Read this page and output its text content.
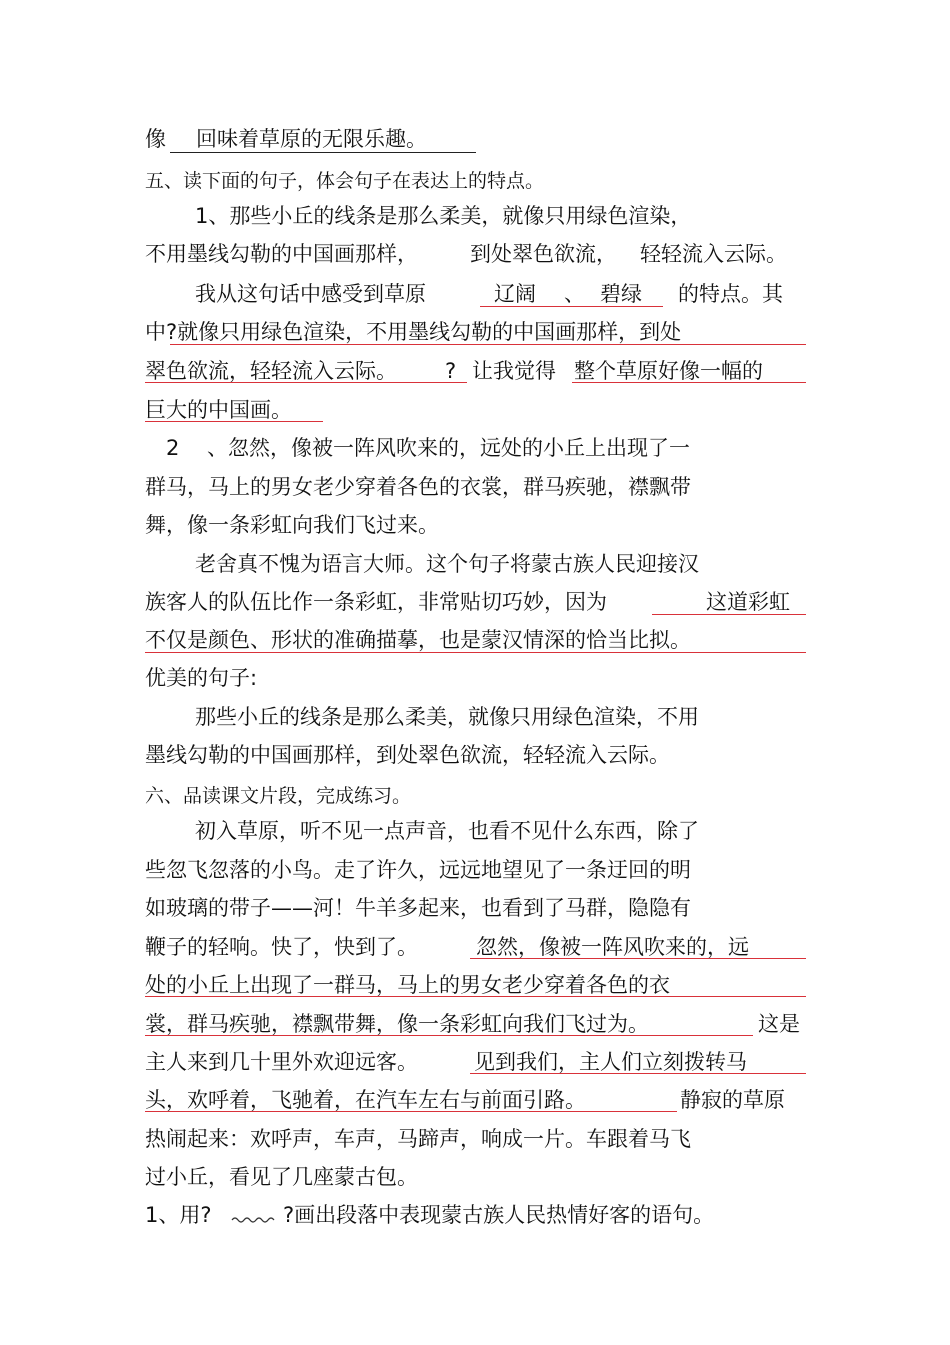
像 回味着草原的无限乐趣。
五、读下面的句子，体会句子在表达上的特点。
1、那些小丘的线条是那么柔美，就像只用绿色渲染，
不用墨线勾勒的中国画那样， 到处翠色欲流， 轻轻流入云际。
我从这句话中感受到草原	辽阔 、 碧绿 的特点。其
中?就像只用绿色渲染，不用墨线勾勒的中国画那样，到处
翠色欲流，轻轻流入云际。 ? 让我觉得 整个草原好像一幅的
巨大的中国画。
2 、忽然，像被一阵风吹来的，远处的小丘上出现了一
群马，马上的男女老少穿着各色的衣裳，群马疾驰，襟飘带
舞，像一条彩虹向我们飞过来。
老舍真不愧为语言大师。这个句子将蒙古族人民迎接汉
族客人的队伍比作一条彩虹，非常贴切巧妙，因为	这道彩虹
不仅是颜色、形状的准确描摹，也是蒙汉情深的恰当比拟。
优美的句子:
那些小丘的线条是那么柔美，就像只用绿色渲染，不用
墨线勾勒的中国画那样，到处翠色欲流，轻轻流入云际。
六、品读课文片段，完成练习。
初入草原，听不见一点声音，也看不见什么东西，除了
些忽飞忽落的小鸟。走了许久，远远地望见了一条迂回的明
如玻璃的带子——河！牛羊多起来，也看到了马群，隐隐有
鞭子的轻响。快了，快到了。	忽然，像被一阵风吹来的，远
处的小丘上出现了一群马，马上的男女老少穿着各色的衣
裳，群马疾驰，襟飘带舞，像一条彩虹向我们飞过为。	这是
主人来到几十里外欢迎远客。	见到我们，主人们立刻拨转马
头，欢呼着，飞驰着，在汽车左右与前面引路。	静寂的草原
热闹起来：欢呼声，车声，马蹄声，响成一片。车跟着马飞
过小丘，看见了几座蒙古包。
1、用?	?画出段落中表现蒙古族人民热情好客的语句。
